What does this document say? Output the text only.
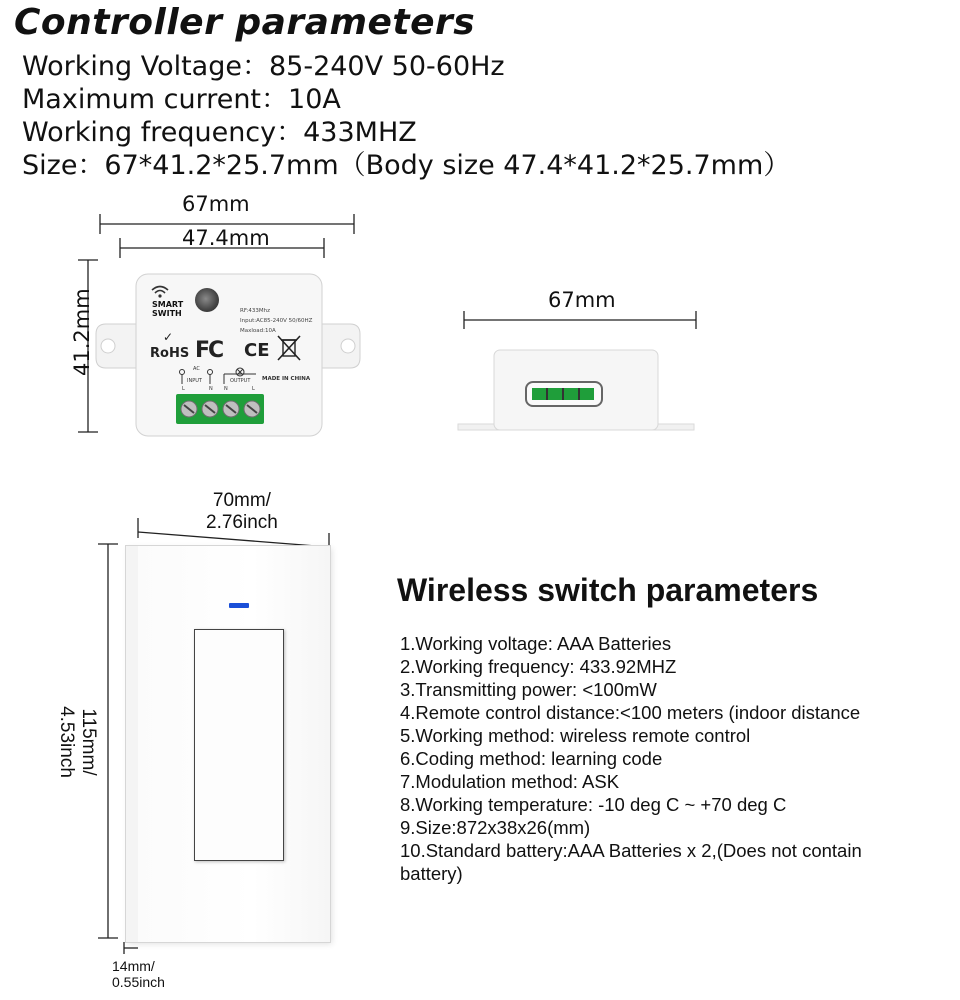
Controller parameters
Working Voltage：85-240V 50-60Hz
Maximum current：10A
Working frequency：433MHZ
Size：67*41.2*25.7mm（Body size 47.4*41.2*25.7mm）
67mm
47.4mm
41.2mm	67mm
SMART
SWITH	RF:433Mhz
Input:AC85-240V 50/60HZ
Maxload:10A
✓
RoHS FC CE
MADE IN CHINA
AC
INPUT	OUTPUT
L	N N	L
70mm/
2.76inch
115mm/
4.53inch
14mm/
0.55inch
Wireless switch parameters
1.Working voltage: AAA Batteries
2.Working frequency: 433.92MHZ
3.Transmitting power: <100mW
4.Remote control distance:<100 meters (indoor distance
5.Working method: wireless remote control
6.Coding method: learning code
7.Modulation method: ASK
8.Working temperature: -10 deg C ~ +70 deg C
9.Size:872x38x26(mm)
10.Standard battery:AAA Batteries x 2,(Does not contain battery)
